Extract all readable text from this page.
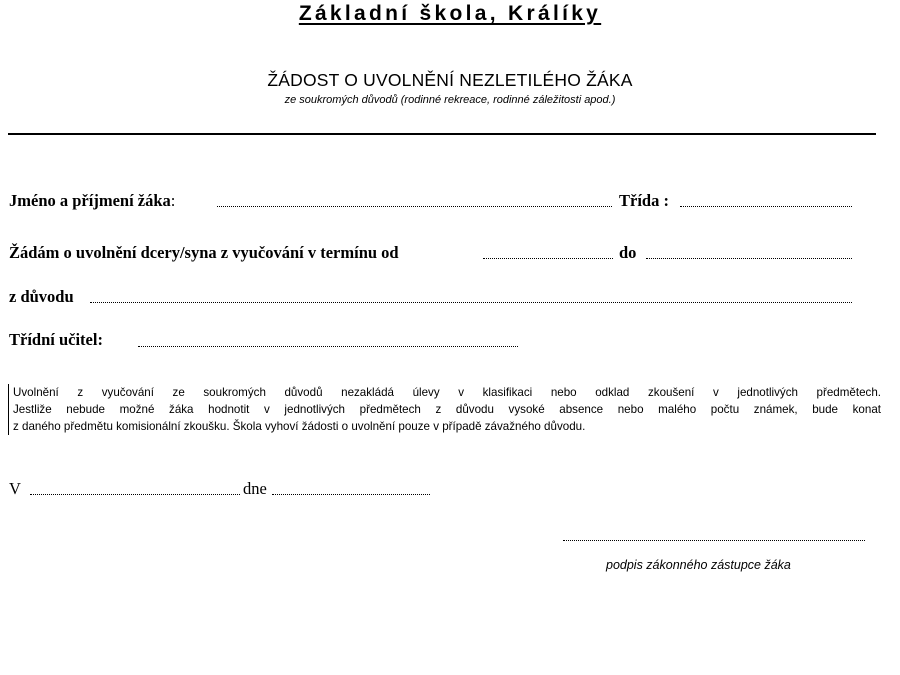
Základní škola, Králíky
ŽÁDOST O UVOLNĚNÍ NEZLETILÉHO ŽÁKA
ze soukromých důvodů (rodinné rekreace, rodinné záležitosti apod.)
Jméno a příjmení žáka:	Třída :
Žádám o uvolnění dcery/syna z vyučování v termínu od	do
z důvodu
Třídní učitel:

Uvolnění z vyučování ze soukromých důvodů nezakládá úlevy v klasifikaci nebo odklad zkoušení v jednotlivých předmětech.

Jestliže nebude možné žáka hodnotit v jednotlivých předmětech z důvodu vysoké absence nebo malého počtu známek, bude konat

z daného předmětu komisionální zkoušku. Škola vyhoví žádosti o uvolnění pouze v případě závažného důvodu.

V	dne
podpis zákonného zástupce žáka
